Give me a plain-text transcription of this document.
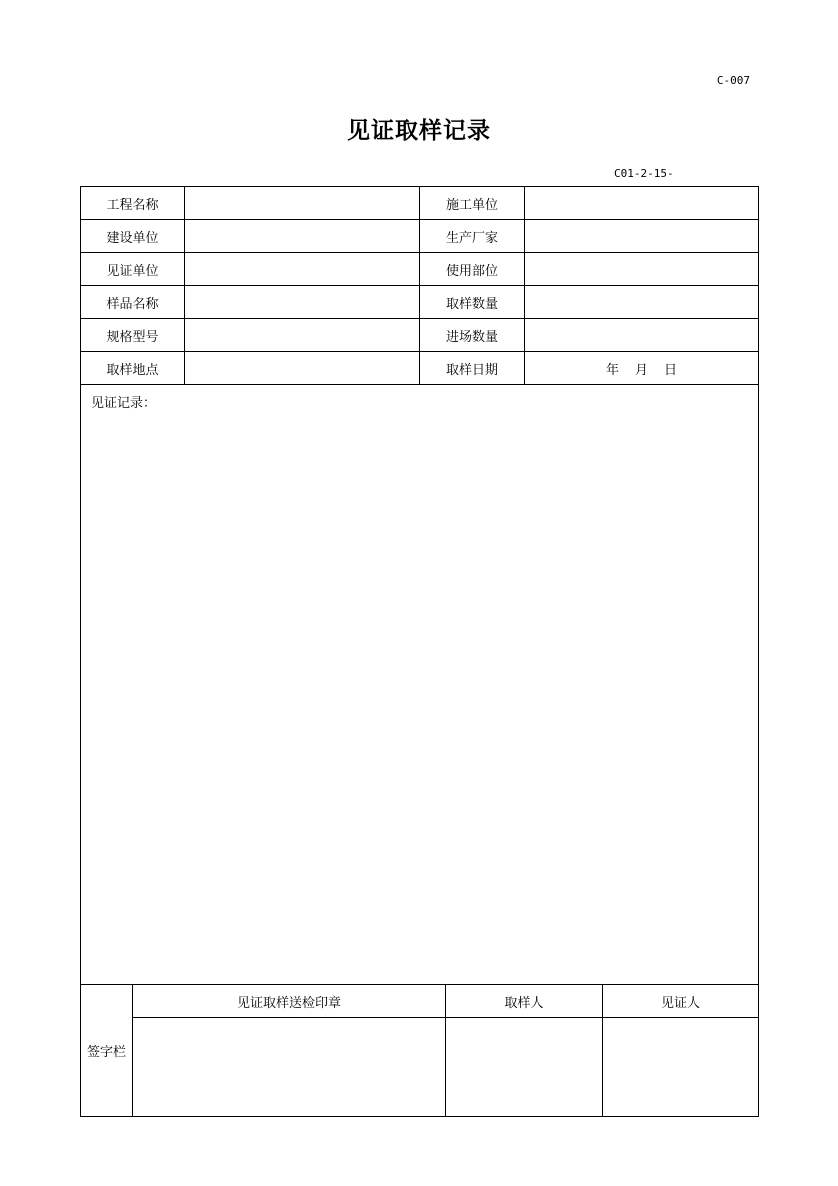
C-007
见证取样记录
C01-2-15-
工程名称	施工单位
建设单位	生产厂家
见证单位	使用部位
样品名称	取样数量
规格型号	进场数量
取样地点	取样日期	年 月 日
见证记录：
签字栏
见证取样送检印章	取样人	见证人
